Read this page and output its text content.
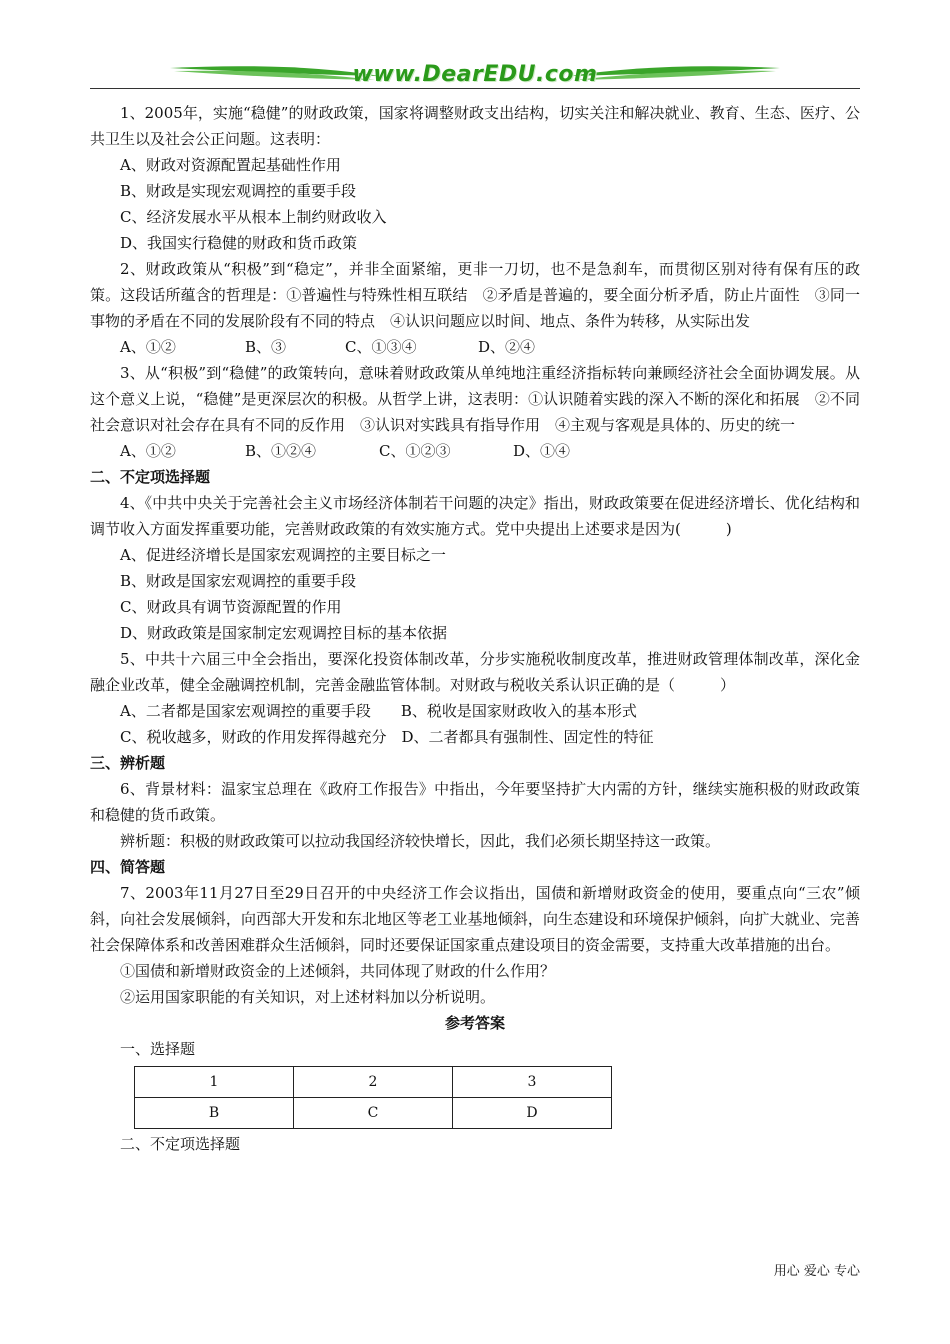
www.DearEDU.com

1、2005年，实施“稳健”的财政政策，国家将调整财政支出结构，切实关注和解决就业、教育、生态、医疗、公共卫生以及社会公正问题。这表明：

A、财政对资源配置起基础性作用

B、财政是实现宏观调控的重要手段

C、经济发展水平从根本上制约财政收入

D、我国实行稳健的财政和货币政策

2、财政政策从“积极”到“稳定”，并非全面紧缩，更非一刀切，也不是急刹车，而贯彻区别对待有保有压的政策。这段话所蕴含的哲理是：①普遍性与特殊性相互联结　②矛盾是普遍的，要全面分析矛盾，防止片面性　③同一事物的矛盾在不同的发展阶段有不同的特点　④认识问题应以时间、地点、条件为转移，从实际出发

A、①②	B、③	C、①③④	D、②④

3、从“积极”到“稳健”的政策转向，意味着财政政策从单纯地注重经济指标转向兼顾经济社会全面协调发展。从这个意义上说，“稳健”是更深层次的积极。从哲学上讲，这表明：①认识随着实践的深入不断的深化和拓展　②不同社会意识对社会存在具有不同的反作用　③认识对实践具有指导作用　④主观与客观是具体的、历史的统一

A、①②	B、①②④	C、①②③	D、①④

二、不定项选择题

4、《中共中央关于完善社会主义市场经济体制若干问题的决定》指出，财政政策要在促进经济增长、优化结构和调节收入方面发挥重要功能，完善财政政策的有效实施方式。党中央提出上述要求是因为(　　　)

A、促进经济增长是国家宏观调控的主要目标之一

B、财政是国家宏观调控的重要手段

C、财政具有调节资源配置的作用

D、财政政策是国家制定宏观调控目标的基本依据

5、中共十六届三中全会指出，要深化投资体制改革，分步实施税收制度改革，推进财政管理体制改革，深化金融企业改革，健全金融调控机制，完善金融监管体制。对财政与税收关系认识正确的是（　　　）

A、二者都是国家宏观调控的重要手段　　B、税收是国家财政收入的基本形式

C、税收越多，财政的作用发挥得越充分　D、二者都具有强制性、固定性的特征

三、辨析题

6、背景材料：温家宝总理在《政府工作报告》中指出，今年要坚持扩大内需的方针，继续实施积极的财政政策和稳健的货币政策。

辨析题：积极的财政政策可以拉动我国经济较快增长，因此，我们必须长期坚持这一政策。

四、简答题

7、2003年11月27日至29日召开的中央经济工作会议指出，国债和新增财政资金的使用，要重点向“三农”倾斜，向社会发展倾斜，向西部大开发和东北地区等老工业基地倾斜，向生态建设和环境保护倾斜，向扩大就业、完善社会保障体系和改善困难群众生活倾斜，同时还要保证国家重点建设项目的资金需要，支持重大改革措施的出台。

①国债和新增财政资金的上述倾斜，共同体现了财政的什么作用？

②运用国家职能的有关知识，对上述材料加以分析说明。

参考答案

一、选择题

1	2	3
B	C	D

二、不定项选择题

用心 爱心 专心
